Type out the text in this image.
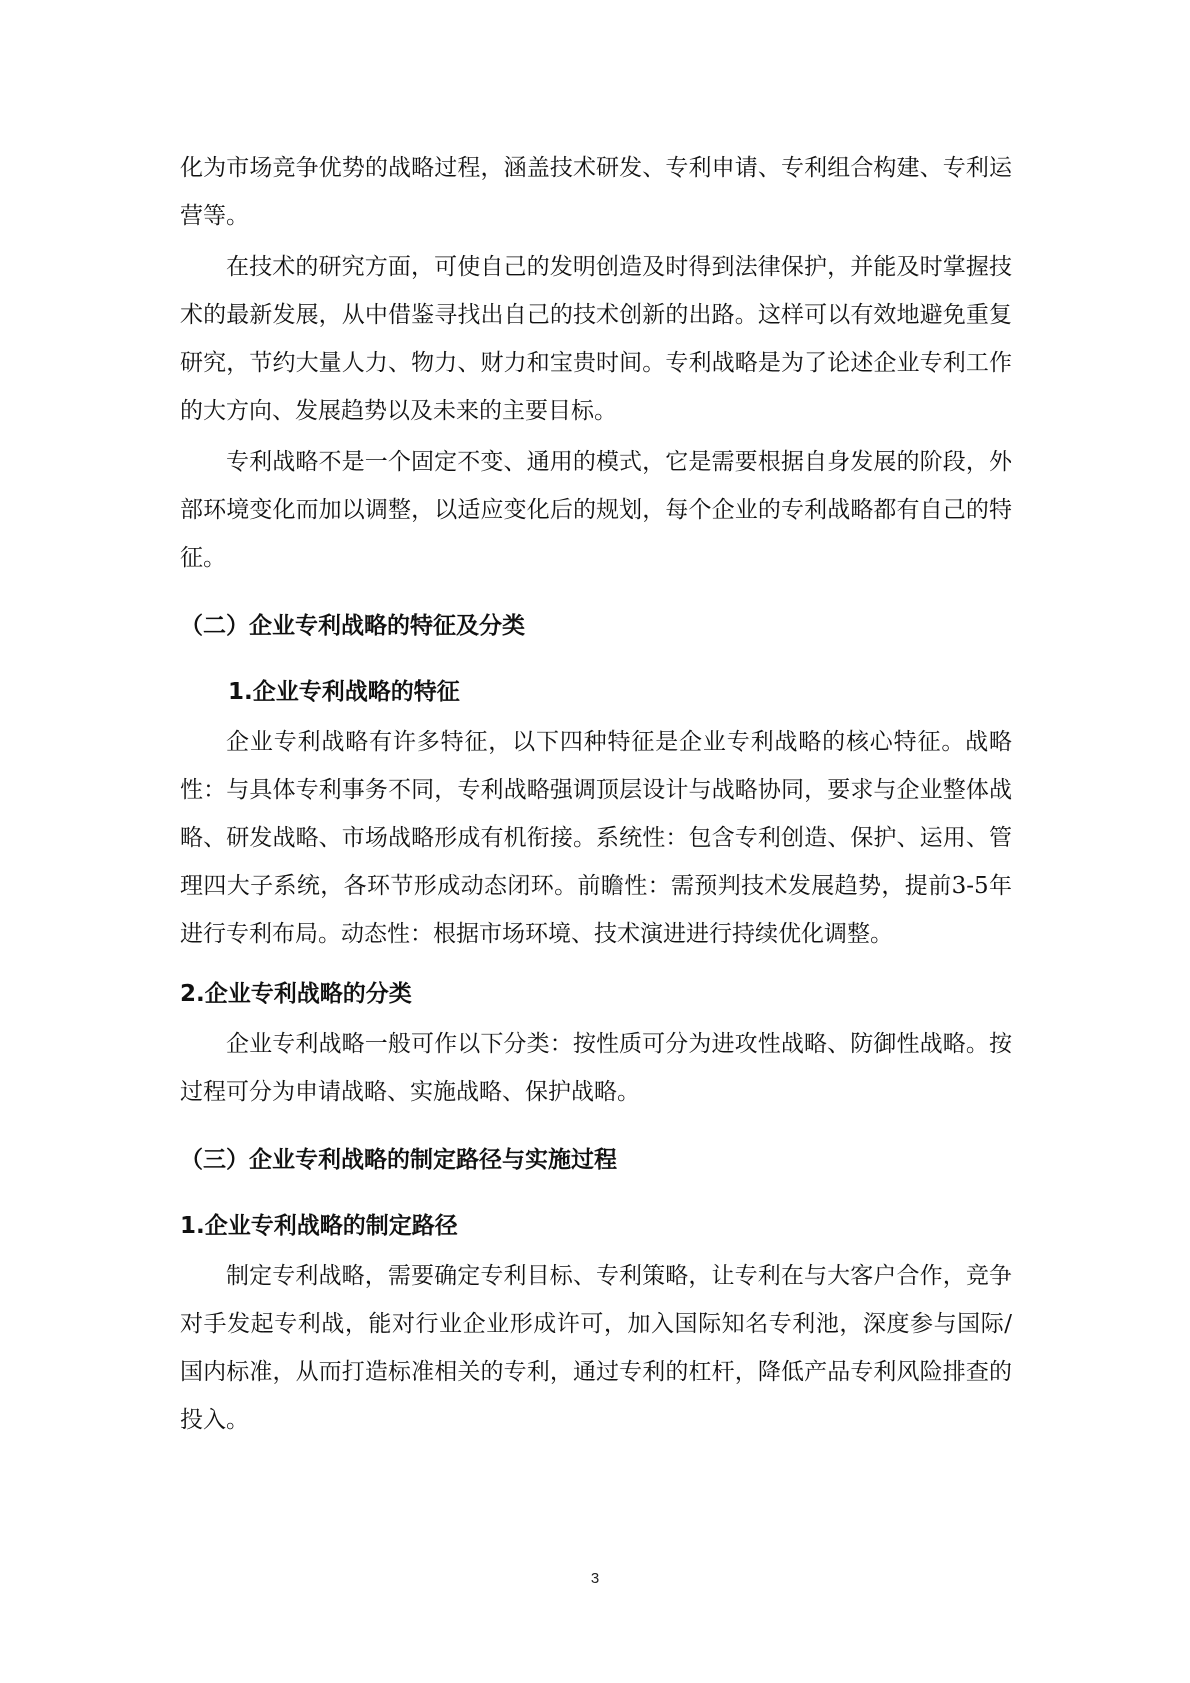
化为市场竞争优势的战略过程，涵盖技术研发、专利申请、专利组合构建、专利运营等。

在技术的研究方面，可使自己的发明创造及时得到法律保护，并能及时掌握技术的最新发展，从中借鉴寻找出自己的技术创新的出路。这样可以有效地避免重复研究，节约大量人力、物力、财力和宝贵时间。专利战略是为了论述企业专利工作的大方向、发展趋势以及未来的主要目标。

专利战略不是一个固定不变、通用的模式，它是需要根据自身发展的阶段，外部环境变化而加以调整，以适应变化后的规划，每个企业的专利战略都有自己的特征。

（二）企业专利战略的特征及分类
1.企业专利战略的特征

企业专利战略有许多特征，以下四种特征是企业专利战略的核心特征。战略性：与具体专利事务不同，专利战略强调顶层设计与战略协同，要求与企业整体战略、研发战略、市场战略形成有机衔接。系统性：包含专利创造、保护、运用、管理四大子系统，各环节形成动态闭环。前瞻性：需预判技术发展趋势，提前3-5年进行专利布局。动态性：根据市场环境、技术演进进行持续优化调整。

2.企业专利战略的分类

企业专利战略一般可作以下分类：按性质可分为进攻性战略、防御性战略。按过程可分为申请战略、实施战略、保护战略。

（三）企业专利战略的制定路径与实施过程
1.企业专利战略的制定路径

制定专利战略，需要确定专利目标、专利策略，让专利在与大客户合作，竞争对手发起专利战，能对行业企业形成许可，加入国际知名专利池，深度参与国际/国内标准，从而打造标准相关的专利，通过专利的杠杆，降低产品专利风险排查的投入。

3
